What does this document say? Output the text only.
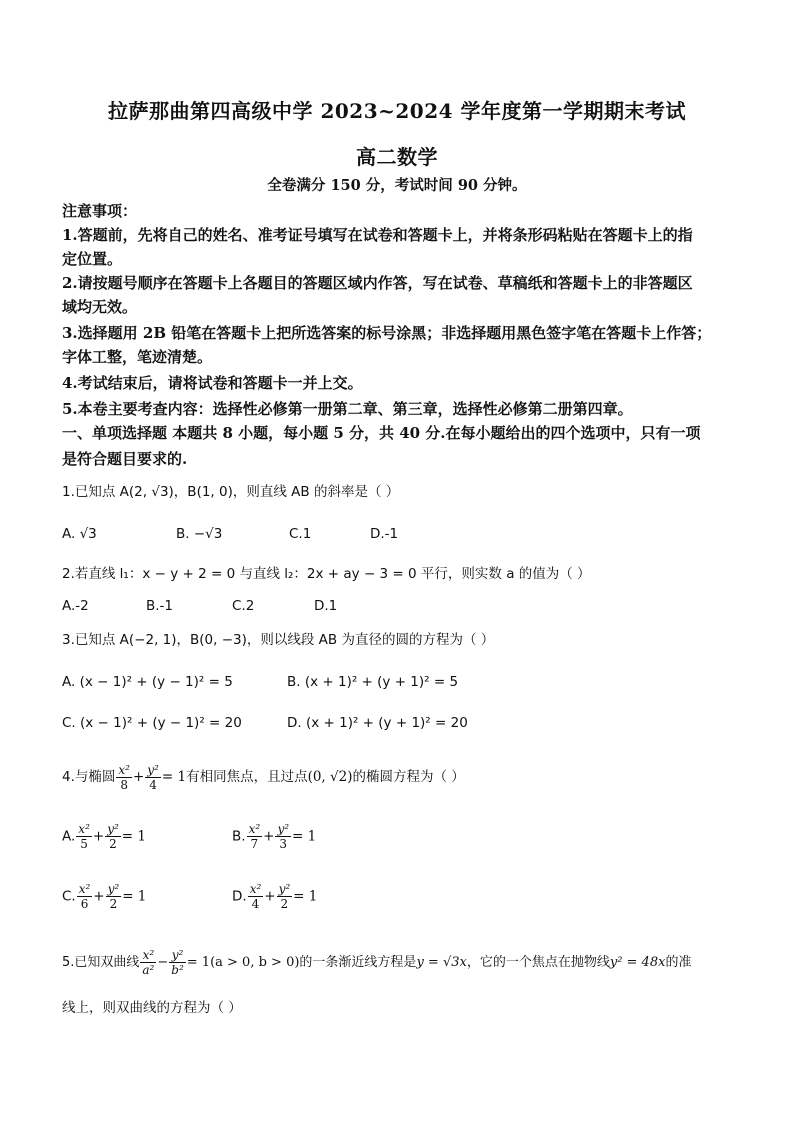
拉萨那曲第四高级中学 2023~2024 学年度第一学期期末考试
高二数学
全卷满分 150 分，考试时间 90 分钟。
注意事项：
1.答题前，先将自己的姓名、准考证号填写在试卷和答题卡上，并将条形码粘贴在答题卡上的指
定位置。
2.请按题号顺序在答题卡上各题目的答题区域内作答，写在试卷、草稿纸和答题卡上的非答题区
域均无效。
3.选择题用 2B 铅笔在答题卡上把所选答案的标号涂黑；非选择题用黑色签字笔在答题卡上作答；
字体工整，笔迹清楚。
4.考试结束后，请将试卷和答题卡一并上交。
5.本卷主要考查内容：选择性必修第一册第二章、第三章，选择性必修第二册第四章。
一、单项选择题 本题共 8 小题，每小题 5 分，共 40 分.在每小题给出的四个选项中，只有一项
是符合题目要求的.
1.已知点 A(2, √3)，B(1, 0)，则直线 AB 的斜率是（ ）
A. √3	B. −√3	C.1	D.-1
2.若直线 l₁：x − y + 2 = 0 与直线 l₂：2x + ay − 3 = 0 平行，则实数 a 的值为（ ）
A.-2	B.-1	C.2	D.1
3.已知点 A(−2, 1)，B(0, −3)，则以线段 AB 为直径的圆的方程为（ ）
A. (x − 1)² + (y − 1)² = 5	B. (x + 1)² + (y + 1)² = 5
C. (x − 1)² + (y − 1)² = 20	D. (x + 1)² + (y + 1)² = 20
4.与椭圆 $\frac{\text{x²}}{8} + \frac{\text{y²}}{4} = 1$有相同焦点，且过点(0, √2)的椭圆方程为（ ）
A. $\frac{\text{x²}}{5} + \frac{\text{y²}}{2} = 1$	B. $\frac{\text{x²}}{7} + \frac{\text{y²}}{3} = 1$
C. $\frac{\text{x²}}{6} + \frac{\text{y²}}{2} = 1$	D. $\frac{\text{x²}}{4} + \frac{\text{y²}}{2} = 1$
5.已知双曲线 $\frac{\text{x²}}{\text{a²}} - \frac{\text{y²}}{\text{b²}} = 1(a > 0$, b > 0)的一条渐近线方程是y = √3x，它的一个焦点在抛物线y² = 48x的准
线上，则双曲线的方程为（ ）
